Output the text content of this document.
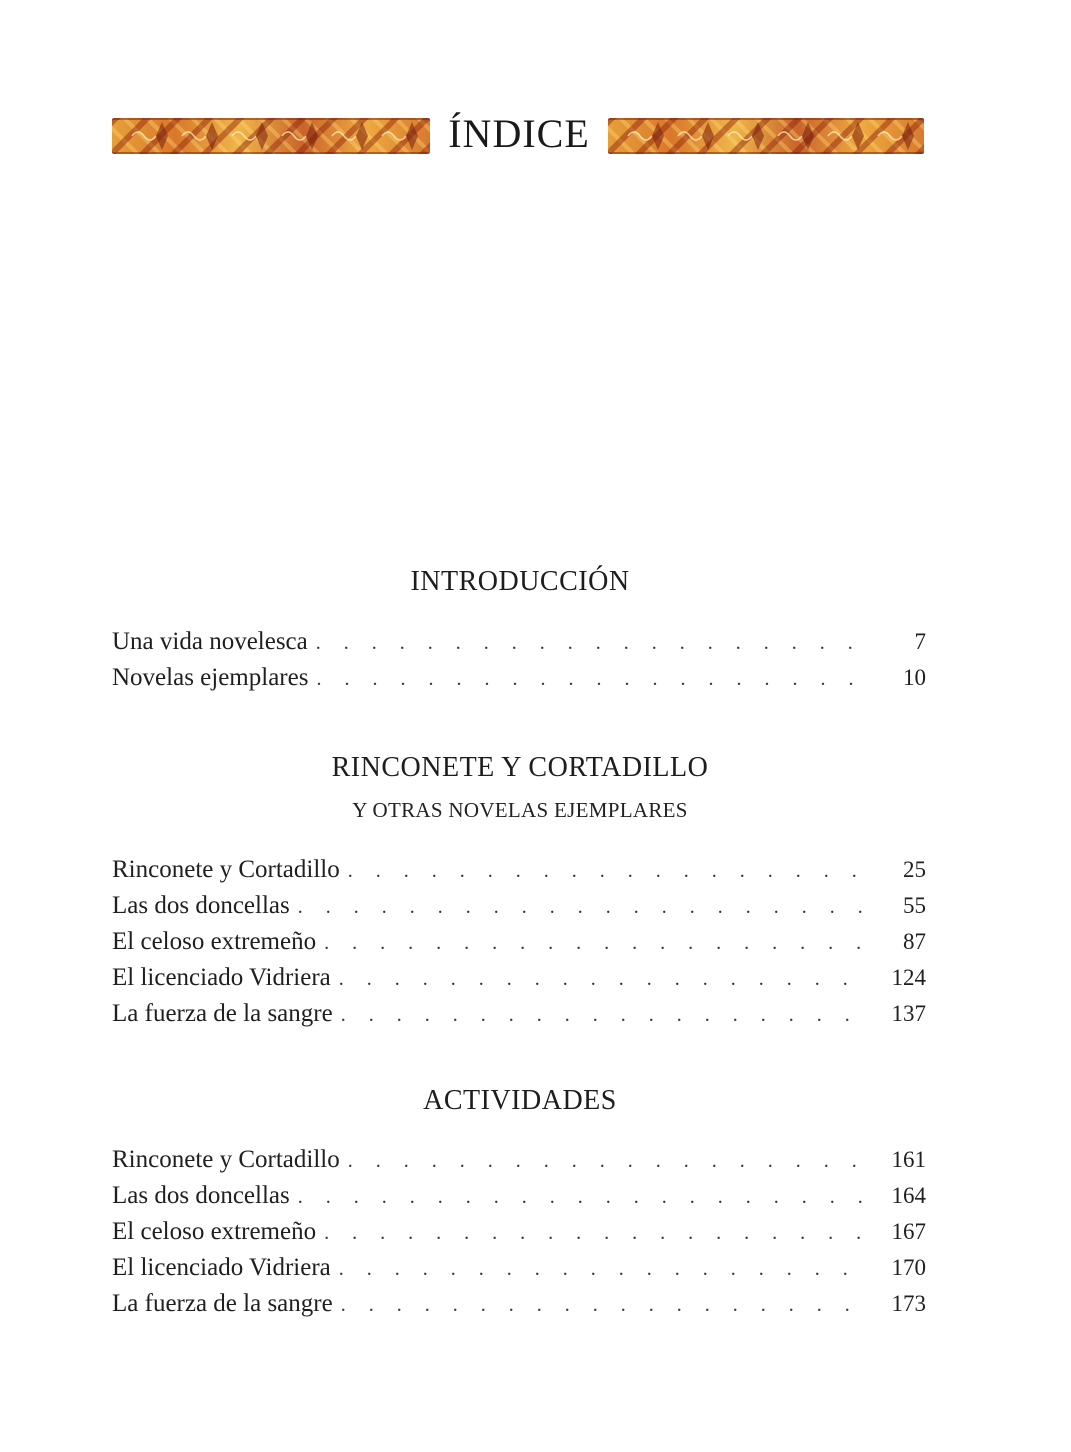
ÍNDICE
INTRODUCCIÓN
Una vida novelesca . . .	7
Novelas ejemplares . . .	10
RINCONETE Y CORTADILLO
Y OTRAS NOVELAS EJEMPLARES
Rinconete y Cortadillo . . .	25
Las dos doncellas . . .	55
El celoso extremeño . . .	87
El licenciado Vidriera . . .	124
La fuerza de la sangre . . .	137
ACTIVIDADES
Rinconete y Cortadillo . . .	161
Las dos doncellas . . .	164
El celoso extremeño . . .	167
El licenciado Vidriera . . .	170
La fuerza de la sangre . . .	173
